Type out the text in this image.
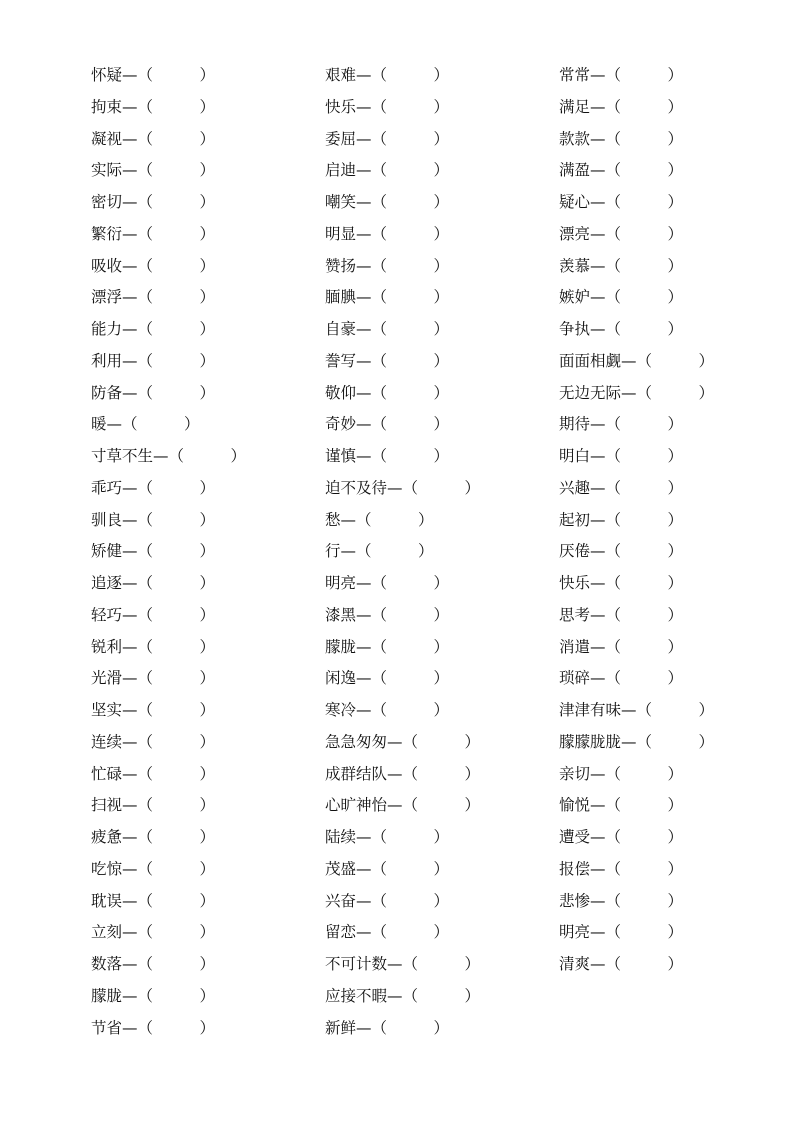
怀疑—（　　　）
拘束—（　　　）
凝视—（　　　）
实际—（　　　）
密切—（　　　）
繁衍—（　　　）
吸收—（　　　）
漂浮—（　　　）
能力—（　　　）
利用—（　　　）
防备—（　　　）
暖—（　　　）
寸草不生—（　　　）
乖巧—（　　　）
驯良—（　　　）
矫健—（　　　）
追逐—（　　　）
轻巧—（　　　）
锐利—（　　　）
光滑—（　　　）
坚实—（　　　）
连续—（　　　）
忙碌—（　　　）
扫视—（　　　）
疲惫—（　　　）
吃惊—（　　　）
耽误—（　　　）
立刻—（　　　）
数落—（　　　）
朦胧—（　　　）
节省—（　　　）
艰难—（　　　）
快乐—（　　　）
委屈—（　　　）
启迪—（　　　）
嘲笑—（　　　）
明显—（　　　）
赞扬—（　　　）
腼腆—（　　　）
自豪—（　　　）
誊写—（　　　）
敬仰—（　　　）
奇妙—（　　　）
谨慎—（　　　）
迫不及待—（　　　）
愁—（　　　）
行—（　　　）
明亮—（　　　）
漆黑—（　　　）
朦胧—（　　　）
闲逸—（　　　）
寒冷—（　　　）
急急匆匆—（　　　）
成群结队—（　　　）
心旷神怡—（　　　）
陆续—（　　　）
茂盛—（　　　）
兴奋—（　　　）
留恋—（　　　）
不可计数—（　　　）
应接不暇—（　　　）
新鲜—（　　　）
常常—（　　　）
满足—（　　　）
款款—（　　　）
满盈—（　　　）
疑心—（　　　）
漂亮—（　　　）
羡慕—（　　　）
嫉妒—（　　　）
争执—（　　　）
面面相觑—（　　　）
无边无际—（　　　）
期待—（　　　）
明白—（　　　）
兴趣—（　　　）
起初—（　　　）
厌倦—（　　　）
快乐—（　　　）
思考—（　　　）
消遣—（　　　）
琐碎—（　　　）
津津有味—（　　　）
朦朦胧胧—（　　　）
亲切—（　　　）
愉悦—（　　　）
遭受—（　　　）
报偿—（　　　）
悲惨—（　　　）
明亮—（　　　）
清爽—（　　　）
